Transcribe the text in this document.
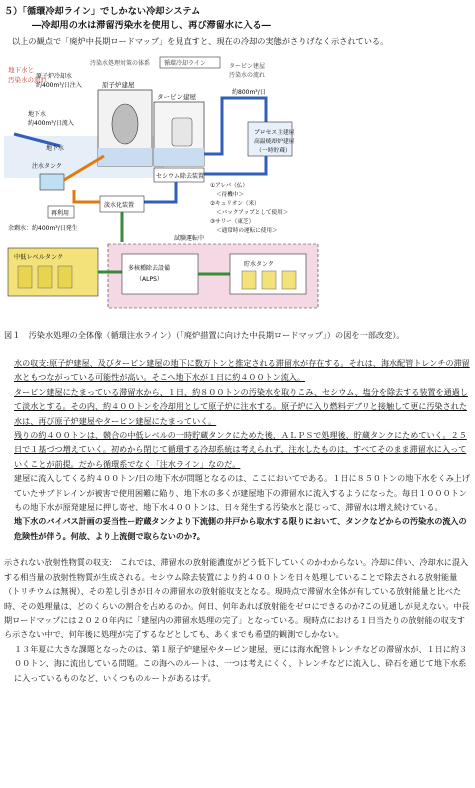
５）「循環冷却ライン」でしかない冷却システム
―冷却用の水は滞留汚染水を使用し、再び滞留水に入る―
以上の観点で「廃炉中長期ロードマップ」を見直すと、現在の冷却の実態がさりげなく示されている。
地下水と
汚染水の流れ
汚染水処理対策の体系 循環冷却ライン	タービン建屋
汚染水の流れ
原子炉冷却水
約400m³/日注入
地下水
約400m³/日流入
地下水
注水タンク
原子炉建屋
タービン建屋
約800m³/日
プロセス主建屋
高温焼却炉建屋
（一時貯蔵）
セシウム除去装置
①アレバ（仏）
＜待機中＞
②キュリオン（米）
＜バックアップとして使用＞
③サリー（東芝）
＜通常時の運転に使用＞
淡水化装置
再利用
余剰水：約400m³/日発生
試験運転中
中低レベルタンク
多核種除去設備
（ALPS）
貯水タンク
図１　汚染水処理の全体像（循環注水ライン）（「廃炉措置に向けた中長期ロードマップ」）の図を一部改変）。

水の収支:原子炉建屋、及びタービン建屋の地下に数万トンと推定される滞留水が存在する。それは、海水配管トレンチの滞留水ともつながっている可能性が高い。そこへ地下水が１日に約４００トン流入。

タービン建屋にたまっている滞留水から、１日、約８００トンの汚染水を取りこみ、セシウム、塩分を除去する装置を通過して淡水とする。その内、約４００トンを冷却用として原子炉に注水する。原子炉に入り燃料デブリと接触して更に汚染された水は、再び原子炉建屋やタービン建屋にたまっていく。

残りの約４００トンは、競合の中低レベルの一時貯蔵タンクにためた後、ＡＬＰＳで処理後、貯蔵タンクにためていく。２５日で１基づつ増えていく。初めから閉じて循環する冷却系統は考えられず、注水したものは、すべてそのまま滞留水に入っていくことが前提。だから循環系でなく「注水ライン」なのだ。

建屋に流入してくる約４００トン/日の地下水が問題となるのは、ここにおいてである。１日に８５０トンの地下水をくみ上げていたサブドレインが被害で使用困難に陥り、地下水の多くが建屋地下の滞留水に流入するようになった。毎日１０００トンもの地下水が原発建屋に押し寄せ、地下水４００トンは、日々発生する汚染水と混じって、滞留水は増え続けている。

地下水のバイパス計画の妥当性ー貯蔵タンクより下流側の井戸から取水する限りにおいて、タンクなどからの汚染水の流入の危険性が伴う。何故、より上流側で取らないのか?。

示されない放射性物質の収支:　これでは、滞留水の放射能濃度がどう低下していくのかわからない。冷却に伴い、冷却水に混入する相当量の放射性物質が生成される。セシウム除去装置により約４００トンを日々処理していることで除去される放射能量（トリチウムは無視）、その差し引きが日々の滞留水の放射能収支となる。現時点で滞留水全体が有している放射能量と比べた時、その処理量は、どのくらいの割合を占めるのか。何日、何年あれば放射能をゼロにできるのか?この見通しが見えない。中長期ロードマップには２０２０年内に「建屋内の滞留水処理の完了」となっている。現時点における１日当たりの放射能の収支すら示さない中で、何年後に処理が完了するなどとしても、あくまでも希望的観測でしかない。

１３年夏に大きな課題となったのは、第１原子炉建屋やタービン建屋、更には海水配管トレンチなどの滞留水が、１日に約３００トン、海に流出している問題。この海へのルートは、一つは考えにくく、トレンチなどに流入し、砕石を通じて地下水系に入っているものなど、いくつものルートがあるはず。
